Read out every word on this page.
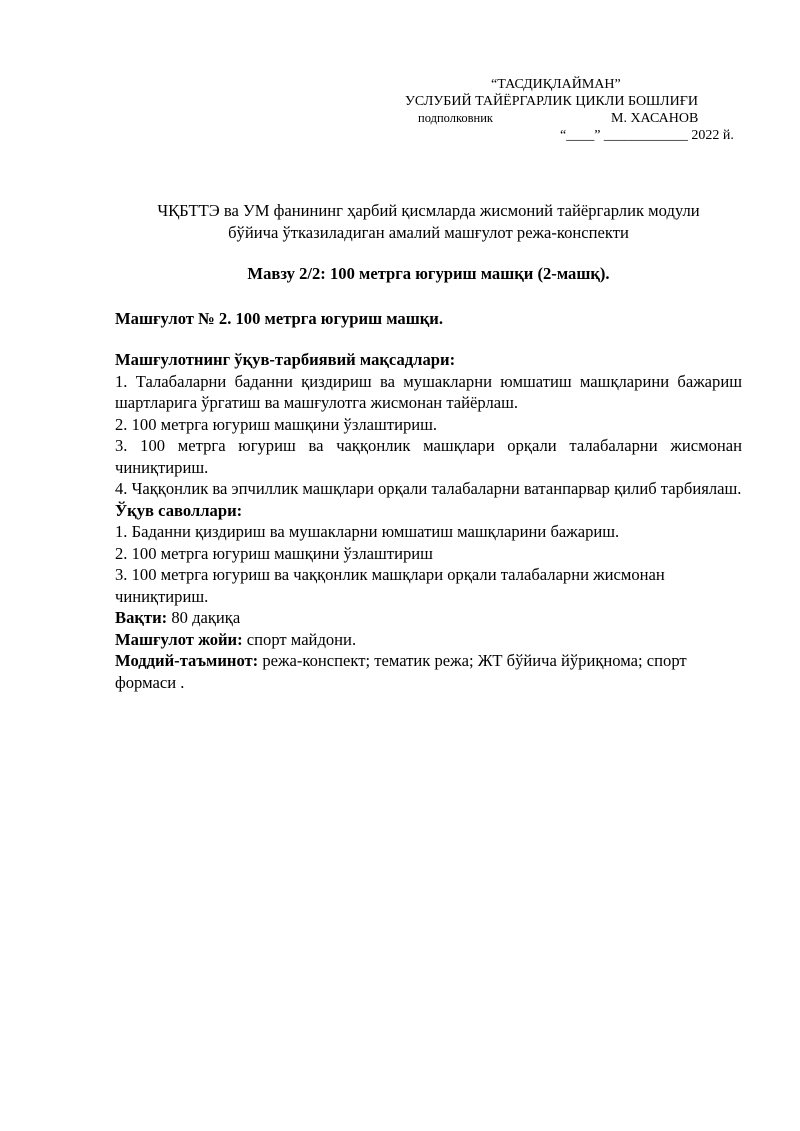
“ТАСДИҚЛАЙМАН”
УСЛУБИЙ ТАЙЁРГАРЛИК ЦИКЛИ БОШЛИҒИ
подполковник	М. ХАСАНОВ
“____” ____________ 2022 й.
ЧҚБТТЭ ва УМ фанининг ҳарбий қисмларда жисмоний тайёргарлик модули
бўйича ўтказиладиган амалий машғулот режа-конспекти

Мавзу 2/2: 100 метрга югуриш машқи (2-машқ).

Машғулот № 2. 100 метрга югуриш машқи.

Машғулотнинг ўқув-тарбиявий мақсадлари:

1. Талабаларни баданни қиздириш ва мушакларни юмшатиш машқларини бажариш шартларига ўргатиш ва машғулотга жисмонан тайёрлаш.

2. 100 метрга югуриш машқини ўзлаштириш.

3. 100 метрга югуриш ва чаққонлик машқлари орқали талабаларни жисмонан чиниқтириш.

4. Чаққонлик ва эпчиллик машқлари орқали талабаларни ватанпарвар қилиб тарбиялаш.

Ўқув саволлари:

1. Баданни қиздириш ва мушакларни юмшатиш машқларини бажариш.

2. 100 метрга югуриш машқини ўзлаштириш

3. 100 метрга югуриш ва чаққонлик машқлари орқали талабаларни жисмонан чиниқтириш.

Вақти: 80 дақиқа

Машғулот жойи: спорт майдони.

Моддий-таъминот: режа-конспект; тематик режа; ЖТ бўйича йўриқнома; спорт формаси .
